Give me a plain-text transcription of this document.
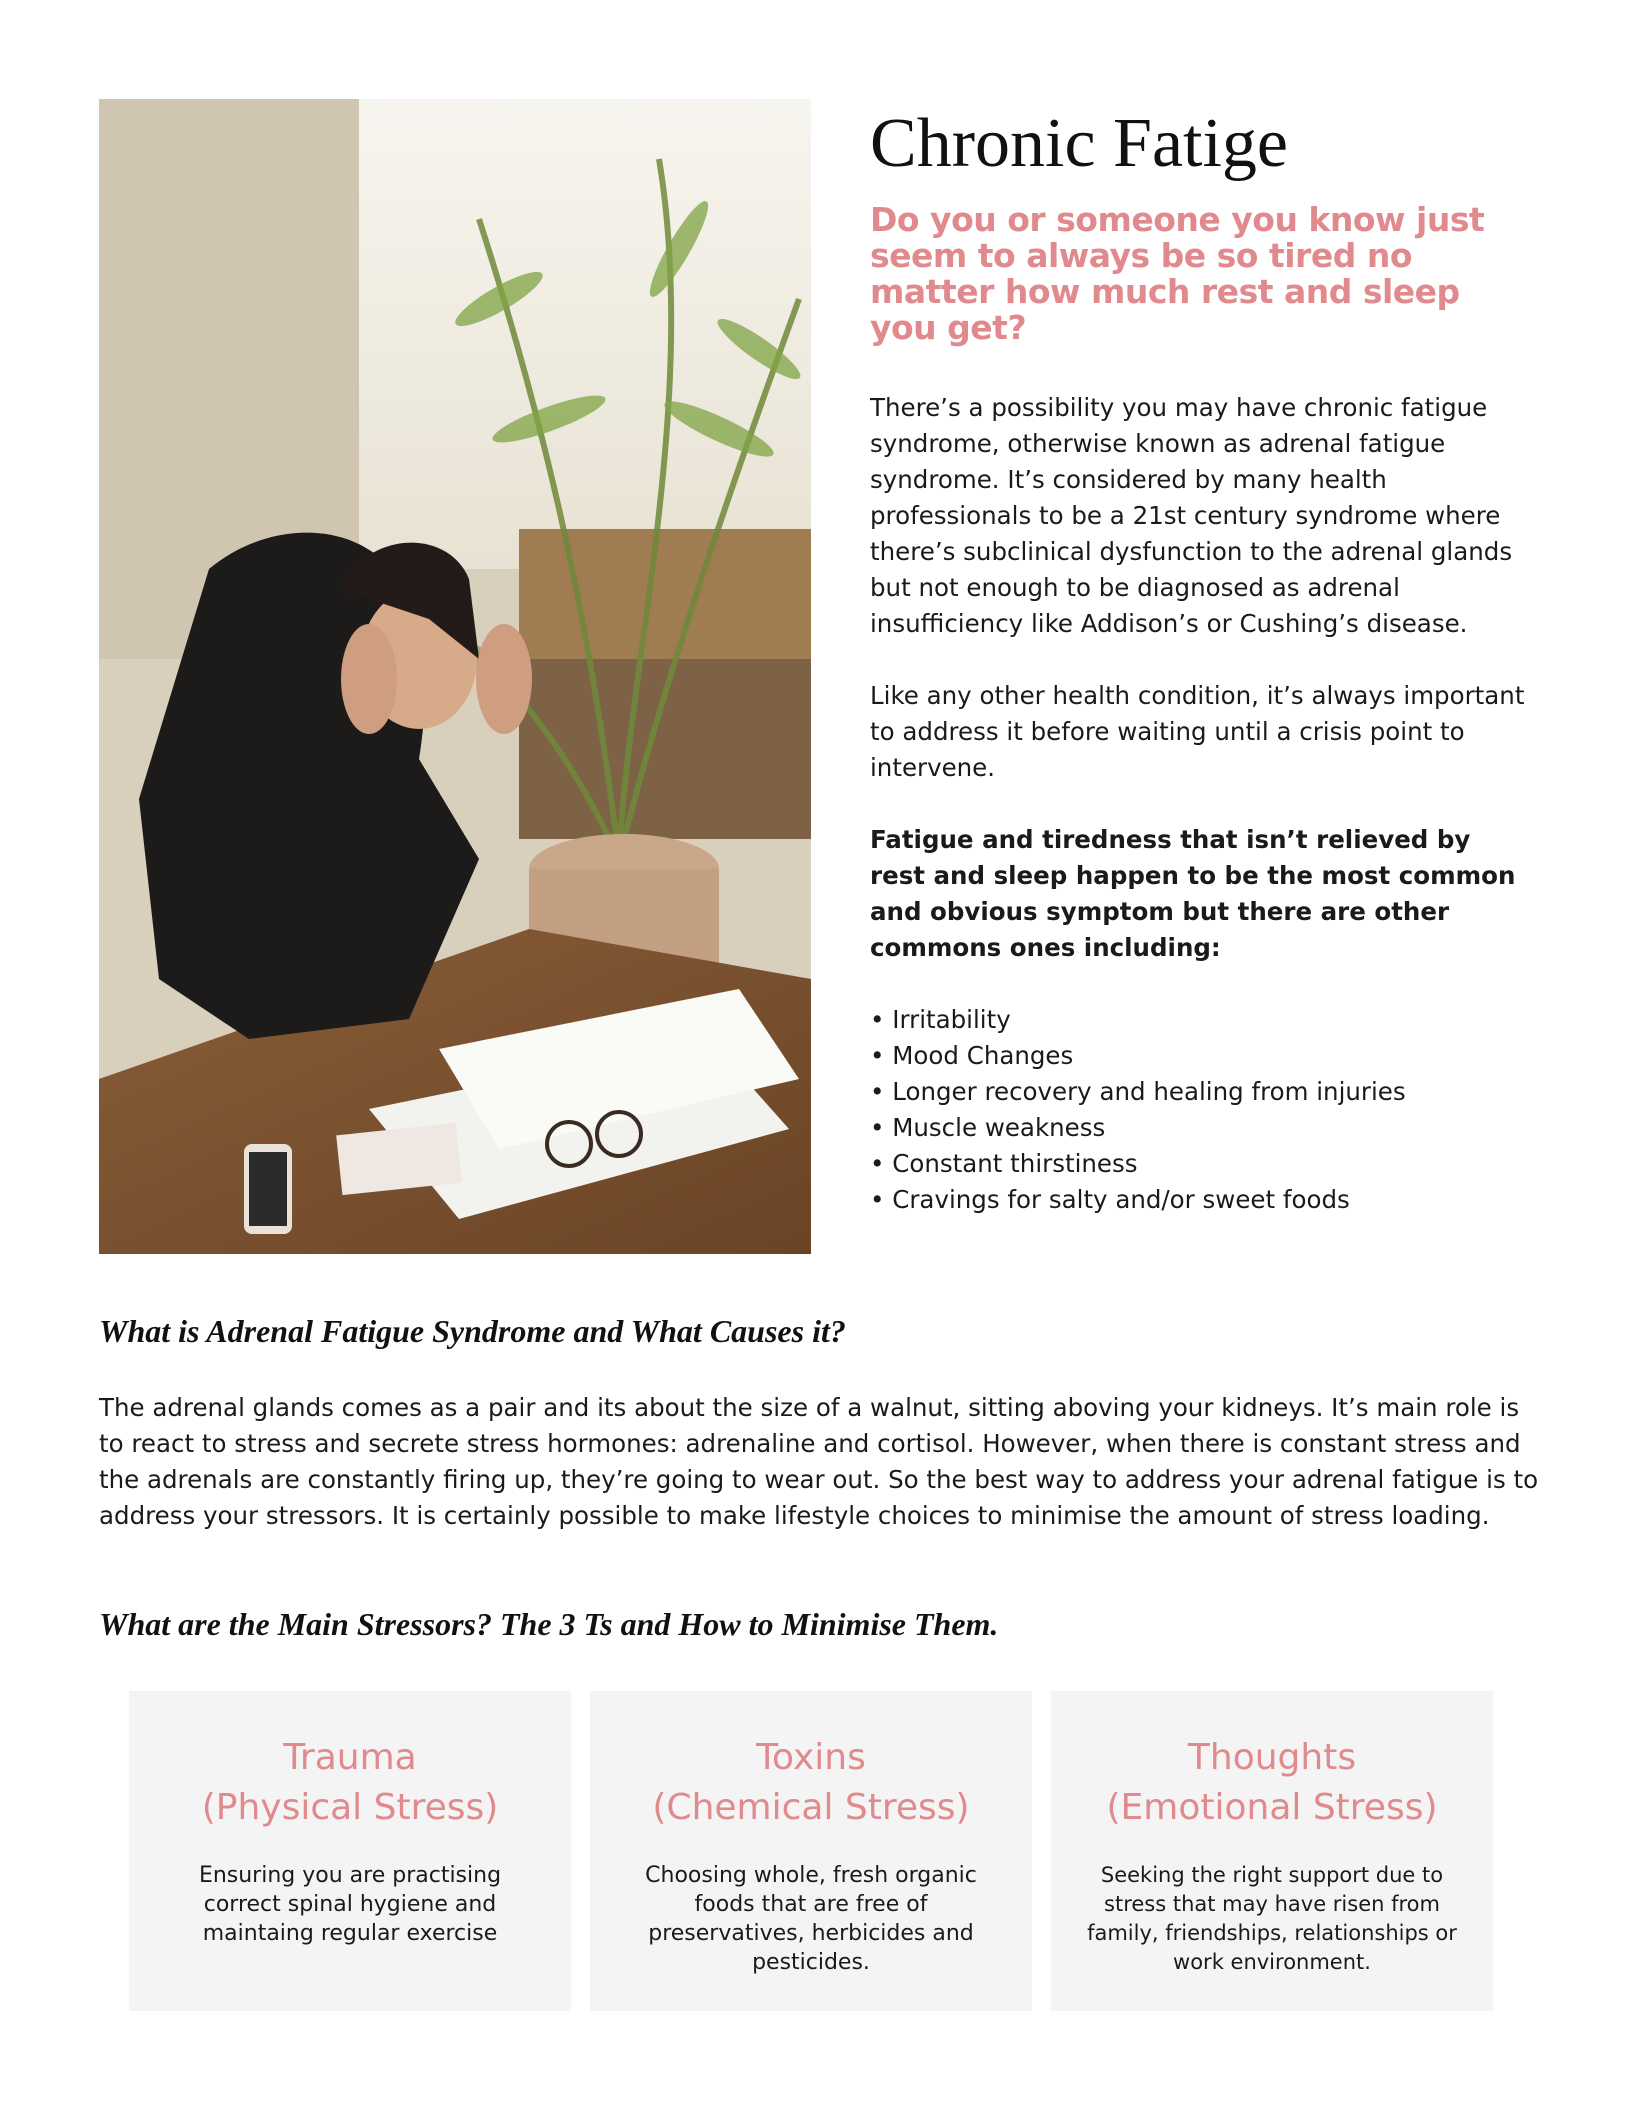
Chronic Fatige

Do you or someone you know just seem to always be so tired no matter how much rest and sleep you get?

There’s a possibility you may have chronic fatigue syndrome, otherwise known as adrenal fatigue syndrome. It’s considered by many health professionals to be a 21st century syndrome where there’s subclinical dysfunction to the adrenal glands but not enough to be diagnosed as adrenal insufficiency like Addison’s or Cushing’s disease.

Like any other health condition, it’s always important to address it before waiting until a crisis point to intervene.

Fatigue and tiredness that isn’t relieved by rest and sleep happen to be the most common and obvious symptom but there are other commons ones including:

• Irritability
• Mood Changes
• Longer recovery and healing from injuries
• Muscle weakness
• Constant thirstiness
• Cravings for salty and/or sweet foods
What is Adrenal Fatigue Syndrome and What Causes it?

The adrenal glands comes as a pair and its about the size of a walnut, sitting aboving your kidneys. It’s main role is to react to stress and secrete stress hormones: adrenaline and cortisol. However, when there is constant stress and the adrenals are constantly firing up, they’re going to wear out. So the best way to address your adrenal fatigue is to address your stressors. It is certainly possible to make lifestyle choices to minimise the amount of stress loading.

What are the Main Stressors? The 3 Ts and How to Minimise Them.
Trauma
(Physical Stress)
Ensuring you are practising correct spinal hygiene and maintaing regular exercise
Toxins
(Chemical Stress)
Choosing whole, fresh organic foods that are free of preservatives, herbicides and pesticides.
Thoughts
(Emotional Stress)
Seeking the right support due to stress that may have risen from family, friendships, relationships or work environment.
